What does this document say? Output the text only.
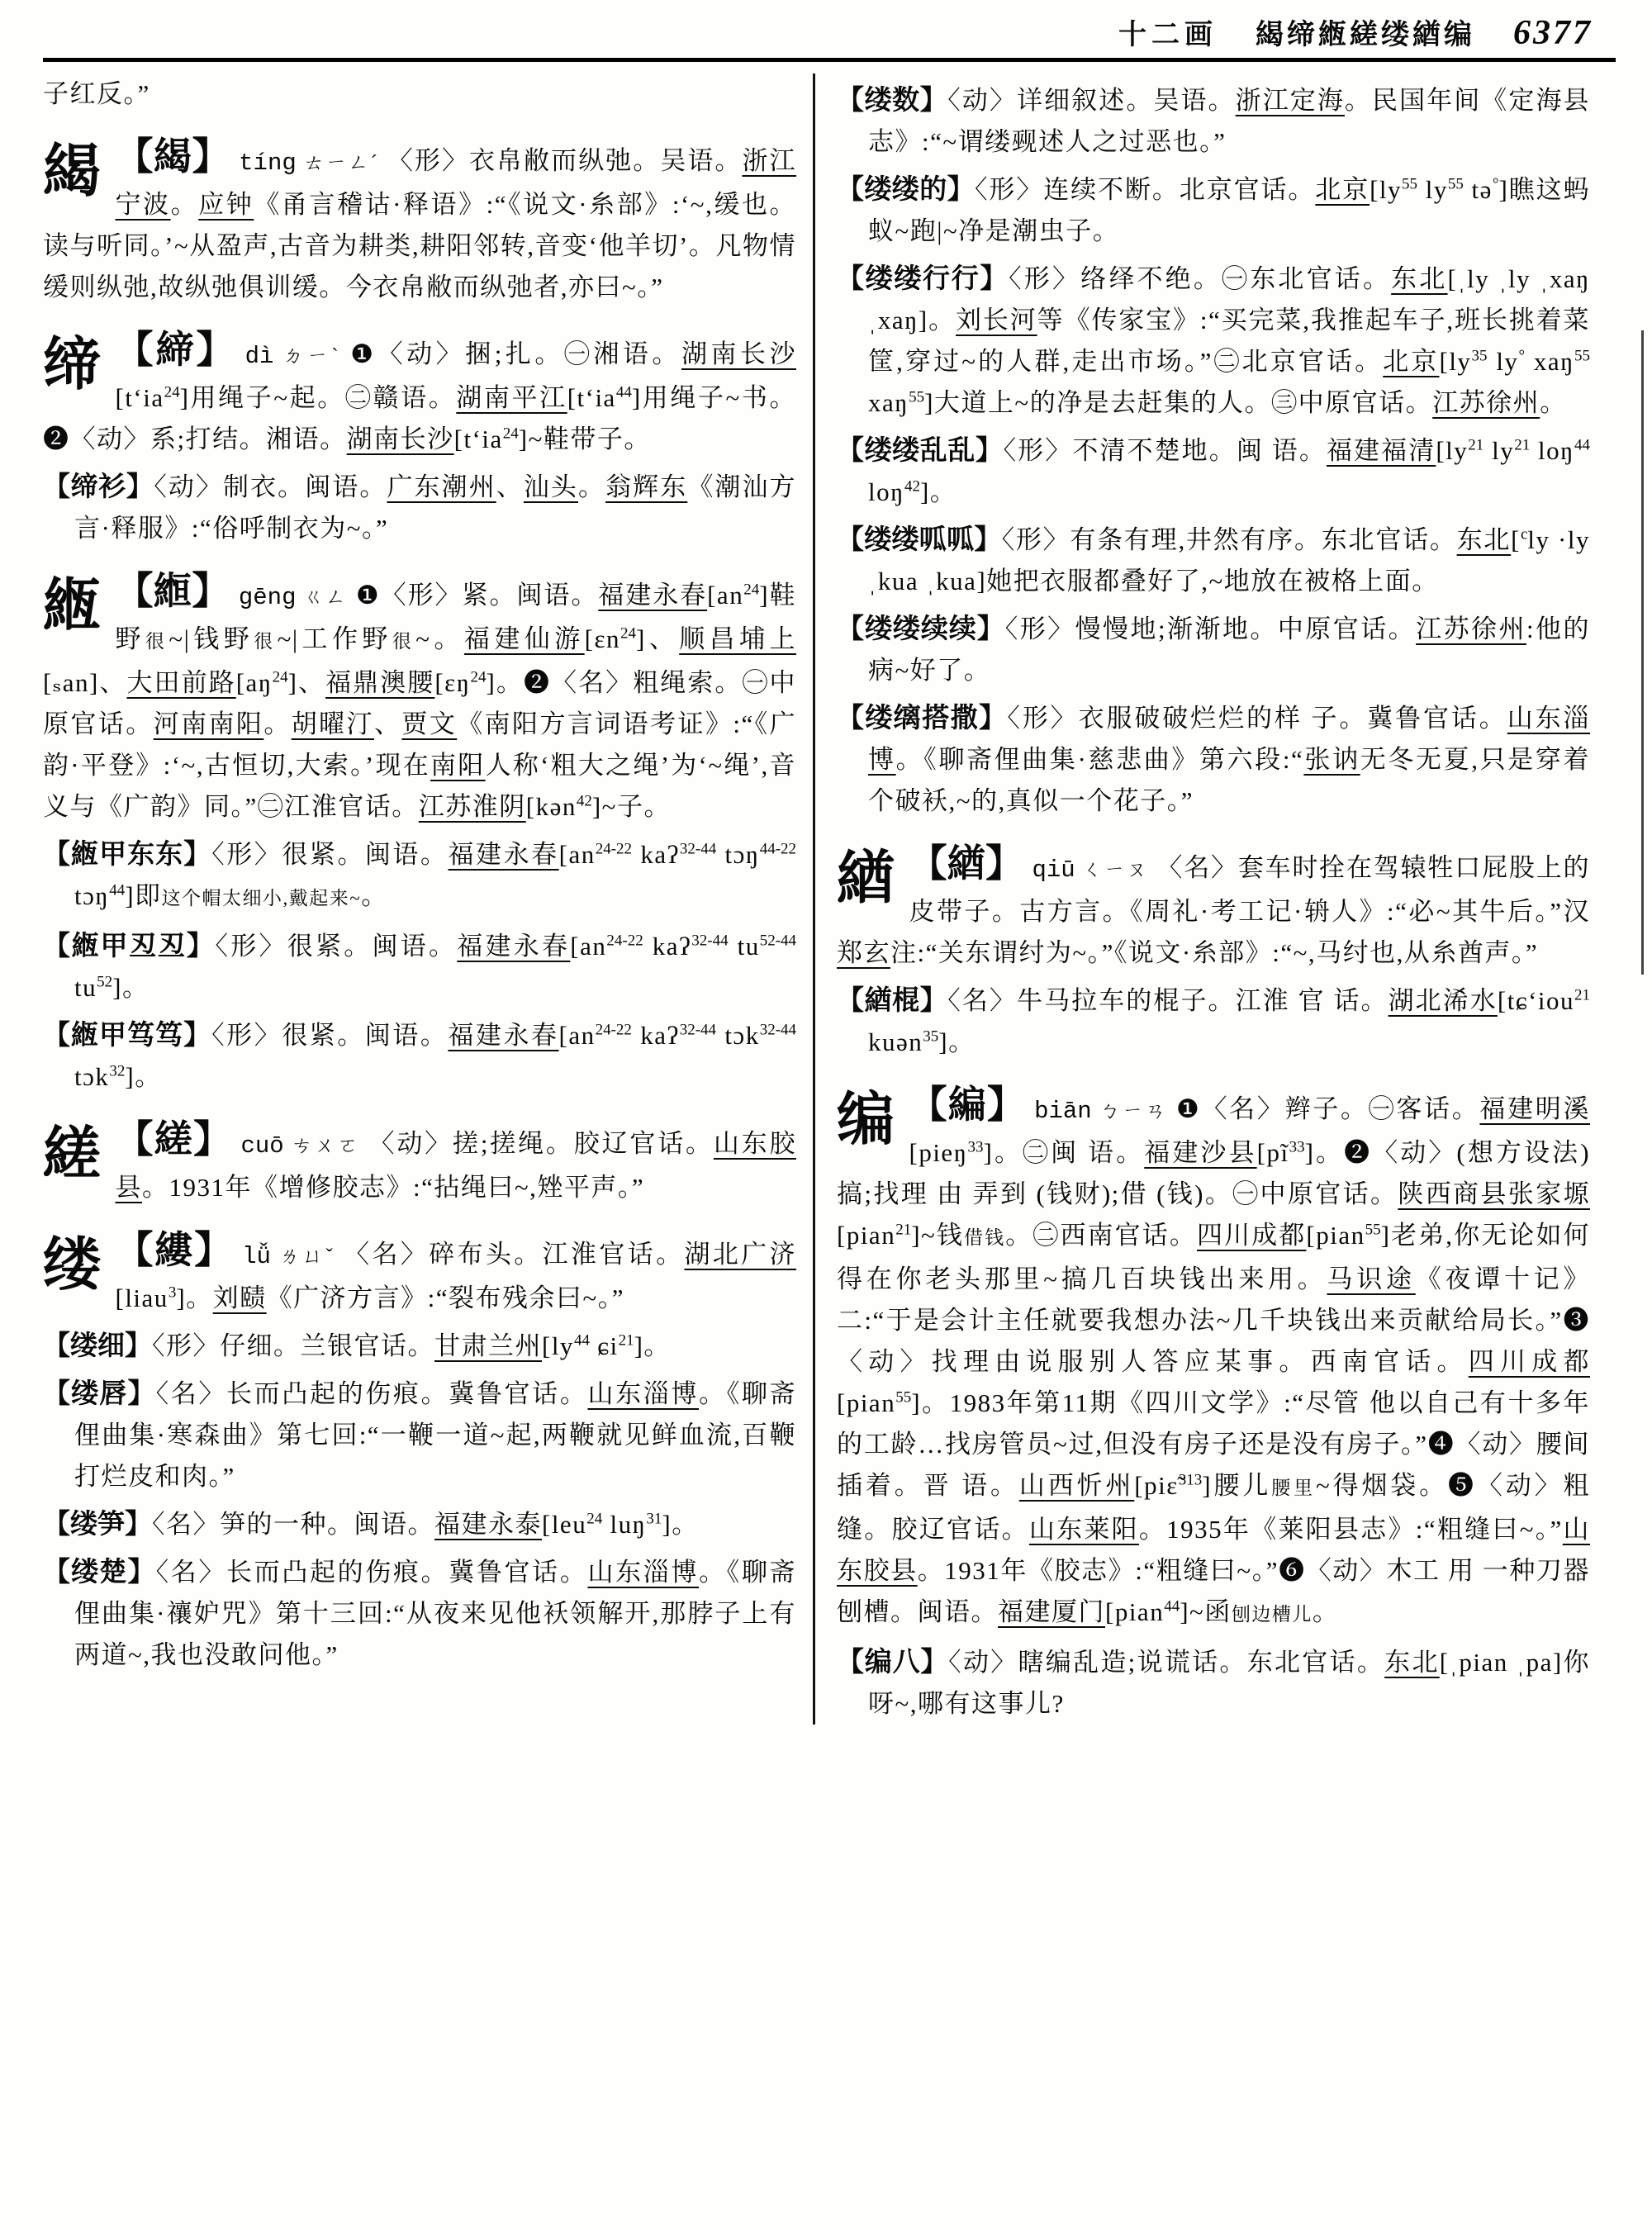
十二画 䋵缔緪縒缕緧编 6377
子红反。”
䋵 【䋵】 tíng ㄊㄧㄥˊ 〈形〉衣帛敝而纵弛。吴语。浙江宁波。应钟《甬言稽诂·释语》:“《说文·糸部》:‘~,缓也。读与听同。’~从盈声,古音为耕类,耕阳邻转,音变‘他羊切’。凡物情缓则纵弛,故纵弛俱训缓。今衣帛敝而纵弛者,亦曰~。”
缔 【締】 dì ㄉㄧˋ ❶〈动〉捆;扎。㊀湘语。湖南长沙[tʻia$^{24}$]用绳子~起。㊁赣语。湖南平江[tʻia$^{44}$]用绳子~书。❷〈动〉系;打结。湘语。湖南长沙[tʻia$^{24}$]~鞋带子。
【缔衫】〈动〉制衣。闽语。广东潮州、汕头。翁辉东《潮汕方言·释服》:“俗呼制衣为~。”
緪 【縆】 gēng ㄍㄥ ❶〈形〉紧。闽语。福建永春$[an^{24}]$鞋野很~|钱野很~|工作野很~。福建仙游[ɛn$^{24}$]、顺昌埔上[ₛan]、大田前路$[aŋ^{24}]$、福鼎澳腰[ɛŋ$^{24}$]。❷〈名〉粗绳索。㊀中原官话。河南南阳。胡曜汀、贾文《南阳方言词语考证》:“《广韵·平登》:‘~,古恒切,大索。’现在南阳人称‘粗大之绳’为‘~绳’,音义与《广韵》同。”㊁江淮官话。江苏淮阴[kən$^{42}$]~子。
【緪甲东东】〈形〉很紧。闽语。福建永春[$an^{24-22}$ kaʔ$^{32-44}$ tɔŋ$^{44-22}$ tɔŋ$^{44}$]即这个帽太细小,戴起来~。
【緪甲丒丒】〈形〉很紧。闽语。福建永春[$an^{24-22}$ kaʔ$^{32-44}$ $tu^{52-44}$ $tu^{52}$]。
【緪甲笃笃】〈形〉很紧。闽语。福建永春[$an^{24-22}$ kaʔ$^{32-44}$ tɔk$^{32-44}$ tɔk$^{32}$]。
縒 【縒】 cuō ㄘㄨㄛ 〈动〉搓;搓绳。胶辽官话。山东胶县。1931年《增修胶志》:“拈绳曰~,矬平声。”
缕 【縷】 lǚ ㄌㄩˇ 〈名〉碎布头。江淮官话。湖北广济[liau$^3$]。刘赜《广济方言》:“裂布残余曰~。”
【缕细】〈形〉仔细。兰银官话。甘肃兰州[$ly^{44}$ ɕi$^{21}$]。
【缕唇】〈名〉长而凸起的伤痕。冀鲁官话。山东淄博。《聊斋俚曲集·寒森曲》第七回:“一鞭一道~起,两鞭就见鲜血流,百鞭打烂皮和肉。”
【缕笋】〈名〉笋的一种。闽语。福建永泰[leu$^{24}$ luŋ$^{31}$]。
【缕楚】〈名〉长而凸起的伤痕。冀鲁官话。山东淄博。《聊斋俚曲集·禳妒咒》第十三回:“从夜来见他袄领解开,那脖子上有两道~,我也没敢问他。”
【缕数】〈动〉详细叙述。吴语。浙江定海。民国年间《定海县志》:“~谓缕觋述人之过恶也。”
【缕缕的】〈形〉连续不断。北京官话。北京[$ly^{55}$ $ly^{55}$ tə°]瞧这蚂蚁~跑|~净是潮虫子。
【缕缕行行】〈形〉络绎不绝。㊀东北官话。东北[ˌly ˌly ˌxaŋ ˌxaŋ]。刘长河等《传家宝》:“买完菜,我推起车子,班长挑着菜筐,穿过~的人群,走出市场。”㊁北京官话。北京[$ly^{35}$ ly° xaŋ$^{55}$ xaŋ$^{55}$]大道上~的净是去赶集的人。㊂中原官话。江苏徐州。
【缕缕乱乱】〈形〉不清不楚地。闽 语。福建福清[$ly^{21}$ $ly^{21}$ loŋ$^{44}$ loŋ$^{42}$]。
【缕缕呱呱】〈形〉有条有理,井然有序。东北官话。东北[$^c$ly ·ly ˌkua ˌkua]她把衣服都叠好了,~地放在被格上面。
【缕缕续续】〈形〉慢慢地;渐渐地。中原官话。江苏徐州:他的病~好了。
【缕缡搭撒】〈形〉衣服破破烂烂的样 子。冀鲁官话。山东淄博。《聊斋俚曲集·慈悲曲》第六段:“张讷无冬无夏,只是穿着个破袄,~的,真似一个花子。”
緧 【緧】 qiū ㄑㄧㄡ 〈名〉套车时拴在驾辕牲口屁股上的皮带子。古方言。《周礼·考工记·辀人》:“必~其牛后。”汉郑玄注:“关东谓纣为~。”《说文·糸部》:“~,马纣也,从糸酋声。”
【緧棍】〈名〉牛马拉车的棍子。江淮 官 话。湖北浠水[tɕʻiou$^{21}$ kuən$^{35}$]。
编 【編】 biān ㄅㄧㄢ ❶〈名〉辫子。㊀客话。福建明溪[pieŋ$^{33}$]。㊁闽 语。福建沙县$[pĩ^{33}]$。❷〈动〉(想方设法)搞;找理 由 弄到 (钱财);借 (钱)。㊀中原官话。陕西商县张家塬[pian$^{21}$]~钱借钱。㊁西南官话。四川成都[pian$^{55}$]老弟,你无论如何得在你老头那里~搞几百块钱出来用。马识途《夜谭十记》二:“于是会计主任就要我想办法~几千块钱出来贡献给局长。”❸〈动〉找理由说服别人答应某事。西南官话。四川成都[pian$^{55}$]。1983年第11期《四川文学》:“尽管 他以自己有十多年的工龄…找房管员~过,但没有房子还是没有房子。”❹〈动〉腰间 插着。晋 语。山西忻州[piɛ̃$^{313}$]腰儿腰里~得烟袋。❺〈动〉粗缝。胶辽官话。山东莱阳。1935年《莱阳县志》:“粗缝曰~。”山东胶县。1931年《胶志》:“粗缝曰~。”❻〈动〉木工 用 一种刀器刨槽。闽语。福建厦门[pian$^{44}$]~函刨边槽儿。
【编八】〈动〉瞎编乱造;说谎话。东北官话。东北[ˌpian ˌpa]你呀~,哪有这事儿?
